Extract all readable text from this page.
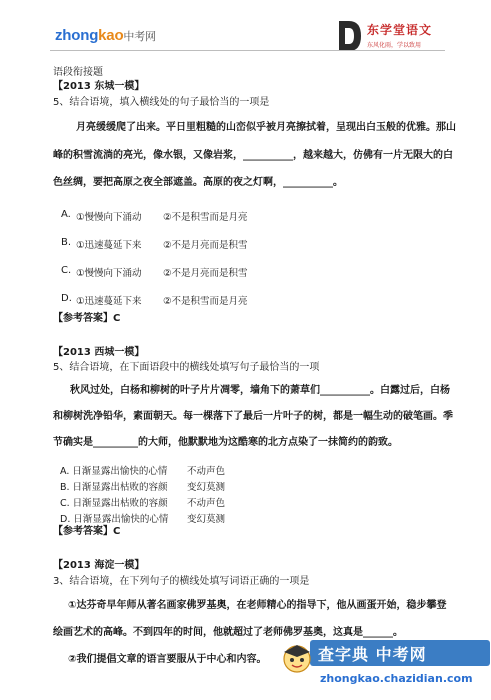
zhongkao中考网	东学堂语文
东风化雨，学以致用
语段衔接题
【2013 东城一模】
5、结合语境，填入横线处的句子最恰当的一项是
月亮缓缓爬了出来。平日里粗糙的山峦似乎被月亮擦拭着，呈现出白玉般的优雅。那山
峰的积雪流淌的亮光，像水银，又像岩浆，__________，越来越大，仿佛有一片无限大的白
色丝绸，要把高原之夜全部遮盖。高原的夜之灯啊，__________。
A. ①慢慢向下涌动 ②不是积雪而是月亮
B. ①迅速蔓延下来 ②不是月亮而是积雪
C. ①慢慢向下涌动 ②不是月亮而是积雪
D. ①迅速蔓延下来 ②不是积雪而是月亮
【参考答案】C
【2013 西城一模】
5、结合语境，在下面语段中的横线处填写句子最恰当的一项
秋风过处，白杨和柳树的叶子片片凋零，墙角下的萧草们__________。白露过后，白杨
和柳树洗净铅华，素面朝天。每一棵落下了最后一片叶子的树，都是一幅生动的破笔画。季
节确实是_________的大师，他默默地为这酷寒的北方点染了一抹简约的韵致。
A. 日渐显露出愉快的心情 不动声色
B. 日渐显露出枯败的容颜 变幻莫测
C. 日渐显露出枯败的容颜 不动声色
D. 日渐显露出愉快的心情 变幻莫测
【参考答案】C
【2013 海淀一模】
3、结合语境，在下列句子的横线处填写词语正确的一项是
①达芬奇早年师从著名画家佛罗基奥，在老师精心的指导下，他从画蛋开始，稳步攀登
绘画艺术的高峰。不到四年的时间，他就超过了老师佛罗基奥，这真是______。
②我们提倡文章的语言要服从于中心和内容。	查字典 中考网
zhongkao.chazidian.com
